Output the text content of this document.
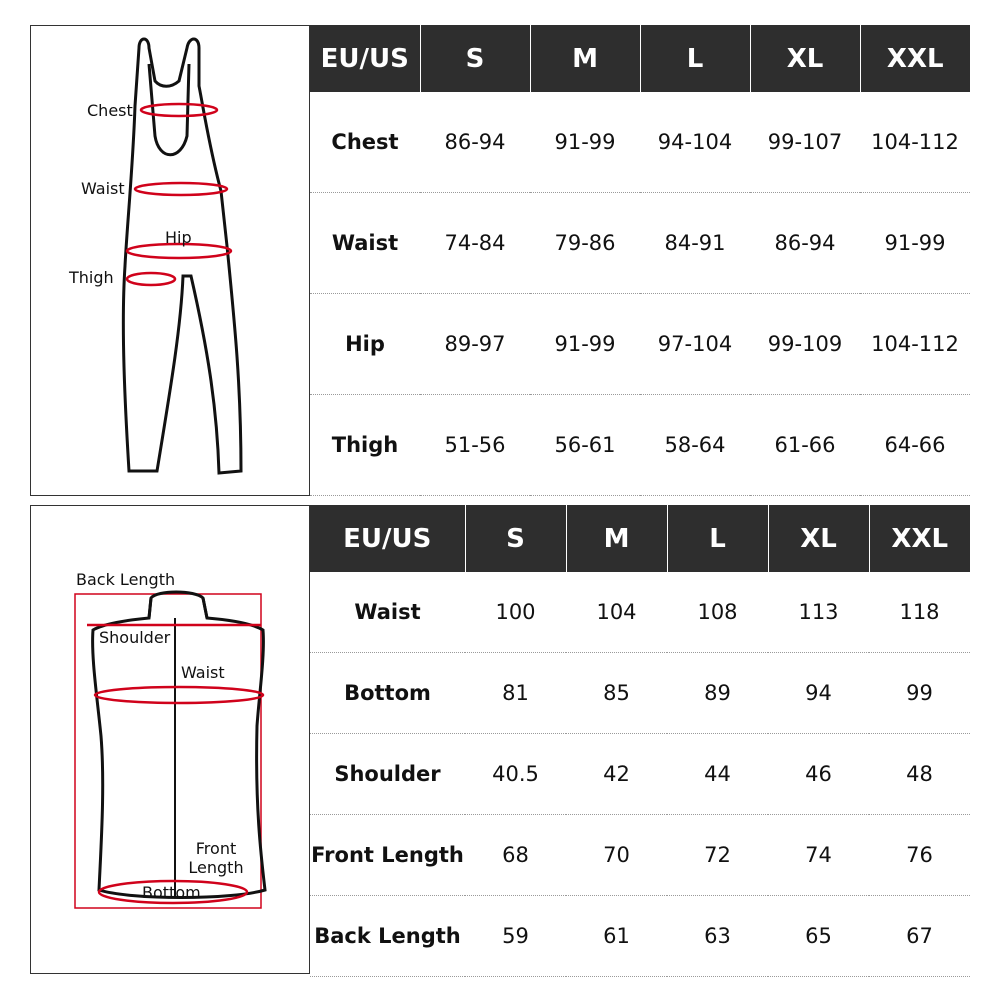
Chest
Waist
Hip
Thigh
EU/US	S	M	L	XL	XXL
Chest	86-94	91-99	94-104	99-107	104-112
Waist	74-84	79-86	84-91	86-94	91-99
Hip	89-97	91-99	97-104	99-109	104-112
Thigh	51-56	56-61	58-64	61-66	64-66
Back Length
Shoulder
Waist
Front Length
Bottom
EU/US	S	M	L	XL	XXL
Waist	100	104	108	113	118
Bottom	81	85	89	94	99
Shoulder	40.5	42	44	46	48
Front Length	68	70	72	74	76
Back Length	59	61	63	65	67
